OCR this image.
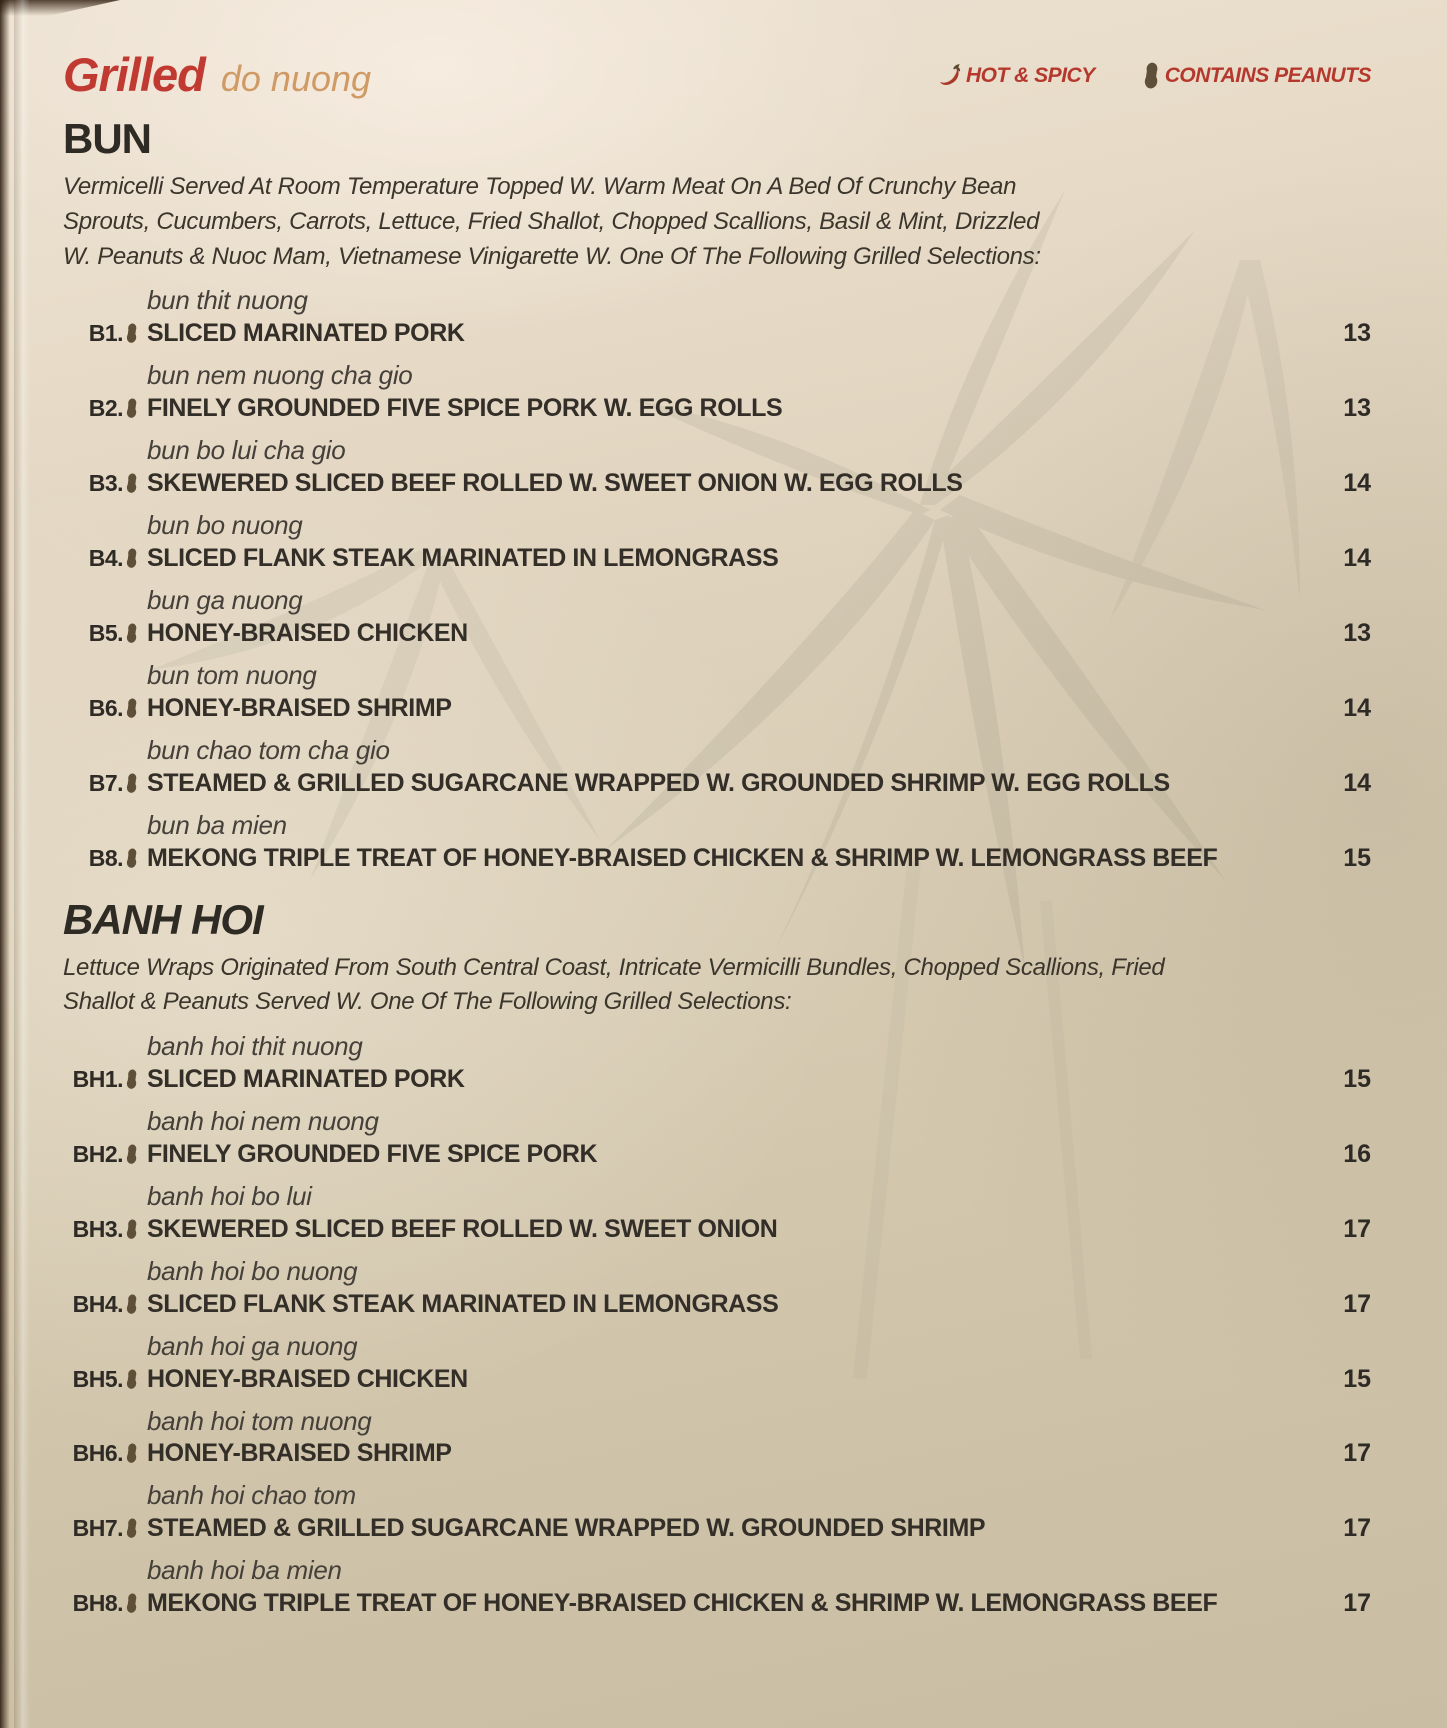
Grilled do nuong	HOT & SPICY	CONTAINS PEANUTS
BUN
Vermicelli Served At Room Temperature Topped W. Warm Meat On A Bed Of Crunchy Bean Sprouts, Cucumbers, Carrots, Lettuce, Fried Shallot, Chopped Scallions, Basil & Mint, Drizzled W. Peanuts & Nuoc Mam, Vietnamese Vinigarette W. One Of The Following Grilled Selections:
bun thit nuong
B1. SLICED MARINATED PORK	13
bun nem nuong cha gio
B2. FINELY GROUNDED FIVE SPICE PORK W. EGG ROLLS	13
bun bo lui cha gio
B3. SKEWERED SLICED BEEF ROLLED W. SWEET ONION W. EGG ROLLS	14
bun bo nuong
B4. SLICED FLANK STEAK MARINATED IN LEMONGRASS	14
bun ga nuong
B5. HONEY-BRAISED CHICKEN	13
bun tom nuong
B6. HONEY-BRAISED SHRIMP	14
bun chao tom cha gio
B7. STEAMED & GRILLED SUGARCANE WRAPPED W. GROUNDED SHRIMP W. EGG ROLLS	14
bun ba mien
B8. MEKONG TRIPLE TREAT OF HONEY-BRAISED CHICKEN & SHRIMP W. LEMONGRASS BEEF	15
BANH HOI
Lettuce Wraps Originated From South Central Coast, Intricate Vermicilli Bundles, Chopped Scallions, Fried Shallot & Peanuts Served W. One Of The Following Grilled Selections:
banh hoi thit nuong
BH1. SLICED MARINATED PORK	15
banh hoi nem nuong
BH2. FINELY GROUNDED FIVE SPICE PORK	16
banh hoi bo lui
BH3. SKEWERED SLICED BEEF ROLLED W. SWEET ONION	17
banh hoi bo nuong
BH4. SLICED FLANK STEAK MARINATED IN LEMONGRASS	17
banh hoi ga nuong
BH5. HONEY-BRAISED CHICKEN	15
banh hoi tom nuong
BH6. HONEY-BRAISED SHRIMP	17
banh hoi chao tom
BH7. STEAMED & GRILLED SUGARCANE WRAPPED W. GROUNDED SHRIMP	17
banh hoi ba mien
BH8. MEKONG TRIPLE TREAT OF HONEY-BRAISED CHICKEN & SHRIMP W. LEMONGRASS BEEF	17
